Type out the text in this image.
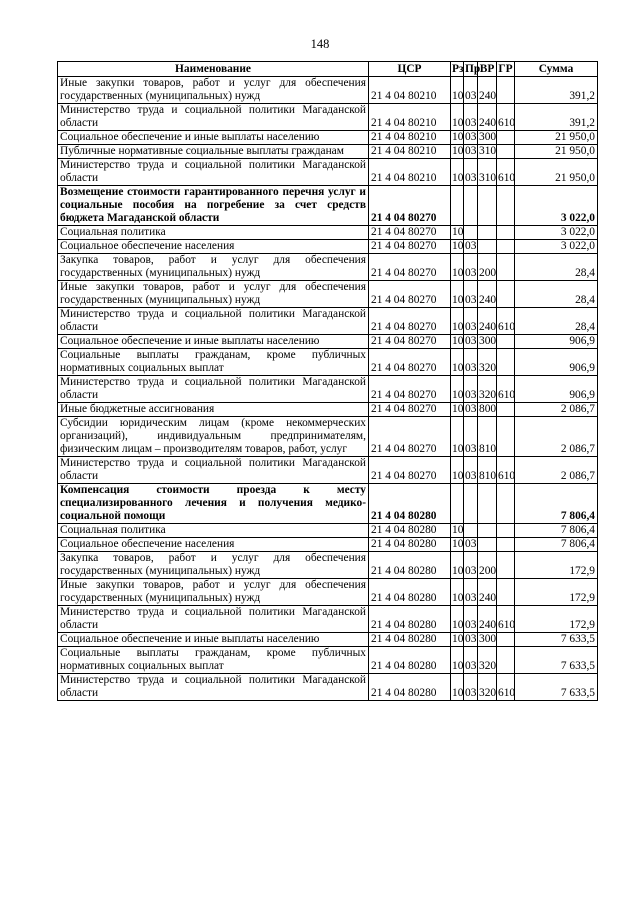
148
Наименование	ЦСР	Рз	Пр	ВР	ГР	Сумма
Иные закупки товаров, работ и услуг для обеспечения государственных (муниципальных) нужд	21 4 04 80210	10	03	240		391,2
Министерство труда и социальной политики Магаданской области	21 4 04 80210	10	03	240	610	391,2
Социальное обеспечение и иные выплаты населению	21 4 04 80210	10	03	300		21 950,0
Публичные нормативные социальные выплаты гражданам	21 4 04 80210	10	03	310		21 950,0
Министерство труда и социальной политики Магаданской области	21 4 04 80210	10	03	310	610	21 950,0
Возмещение стоимости гарантированного перечня услуг и социальные пособия на погребение за счет средств бюджета Магаданской области	21 4 04 80270					3 022,0
Социальная политика	21 4 04 80270	10				3 022,0
Социальное обеспечение населения	21 4 04 80270	10	03			3 022,0
Закупка товаров, работ и услуг для обеспечения государственных (муниципальных) нужд	21 4 04 80270	10	03	200		28,4
Иные закупки товаров, работ и услуг для обеспечения государственных (муниципальных) нужд	21 4 04 80270	10	03	240		28,4
Министерство труда и социальной политики Магаданской области	21 4 04 80270	10	03	240	610	28,4
Социальное обеспечение и иные выплаты населению	21 4 04 80270	10	03	300		906,9
Социальные выплаты гражданам, кроме публичных нормативных социальных выплат	21 4 04 80270	10	03	320		906,9
Министерство труда и социальной политики Магаданской области	21 4 04 80270	10	03	320	610	906,9
Иные бюджетные ассигнования	21 4 04 80270	10	03	800		2 086,7
Субсидии юридическим лицам (кроме некоммерческих организаций), индивидуальным предпринимателям, физическим лицам – производителям товаров, работ, услуг	21 4 04 80270	10	03	810		2 086,7
Министерство труда и социальной политики Магаданской области	21 4 04 80270	10	03	810	610	2 086,7
Компенсация стоимости проезда к месту специализированного лечения и получения медико-социальной помощи	21 4 04 80280					7 806,4
Социальная политика	21 4 04 80280	10				7 806,4
Социальное обеспечение населения	21 4 04 80280	10	03			7 806,4
Закупка товаров, работ и услуг для обеспечения государственных (муниципальных) нужд	21 4 04 80280	10	03	200		172,9
Иные закупки товаров, работ и услуг для обеспечения государственных (муниципальных) нужд	21 4 04 80280	10	03	240		172,9
Министерство труда и социальной политики Магаданской области	21 4 04 80280	10	03	240	610	172,9
Социальное обеспечение и иные выплаты населению	21 4 04 80280	10	03	300		7 633,5
Социальные выплаты гражданам, кроме публичных нормативных социальных выплат	21 4 04 80280	10	03	320		7 633,5
Министерство труда и социальной политики Магаданской области	21 4 04 80280	10	03	320	610	7 633,5
